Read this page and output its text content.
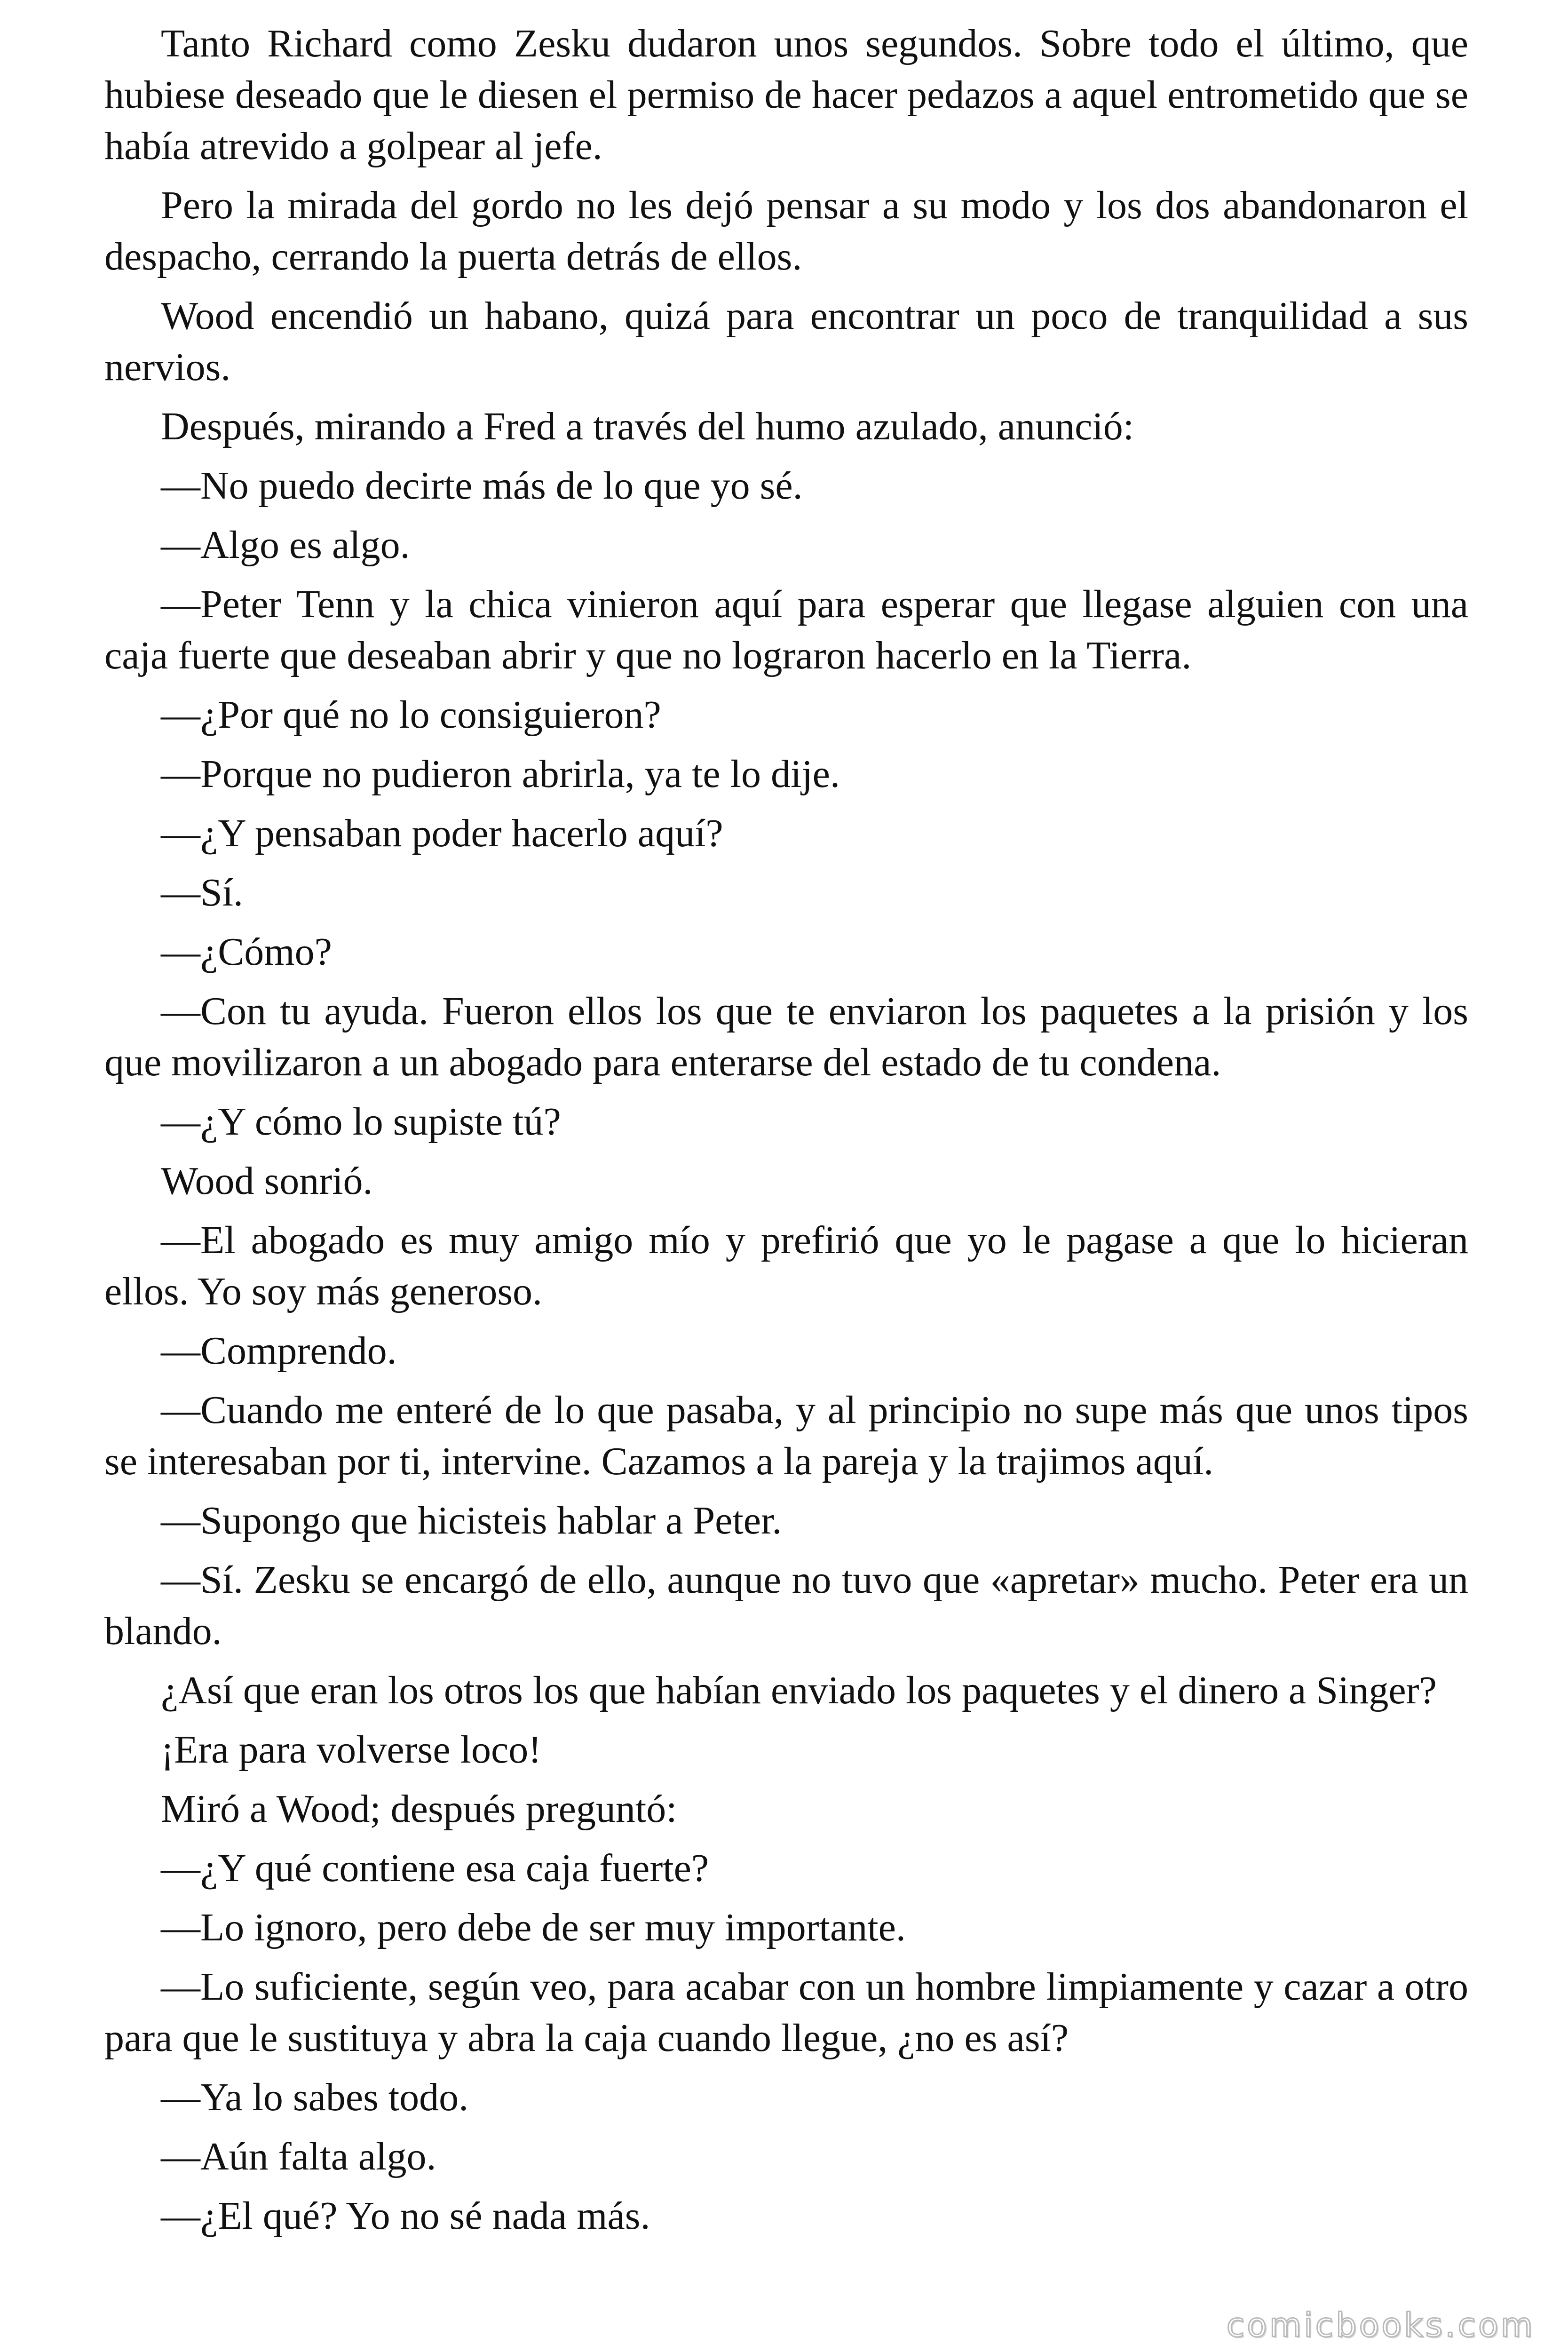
Tanto Richard como Zesku dudaron unos segundos. Sobre todo el último, que hubiese deseado que le diesen el permiso de hacer pedazos a aquel entrometido que se había atrevido a golpear al jefe.

Pero la mirada del gordo no les dejó pensar a su modo y los dos abandonaron el despacho, cerrando la puerta detrás de ellos.

Wood encendió un habano, quizá para encontrar un poco de tranquilidad a sus nervios.

Después, mirando a Fred a través del humo azulado, anunció:

—No puedo decirte más de lo que yo sé.

—Algo es algo.

—Peter Tenn y la chica vinieron aquí para esperar que llegase alguien con una caja fuerte que deseaban abrir y que no lograron hacerlo en la Tierra.

—¿Por qué no lo consiguieron?

—Porque no pudieron abrirla, ya te lo dije.

—¿Y pensaban poder hacerlo aquí?

—Sí.

—¿Cómo?

—Con tu ayuda. Fueron ellos los que te enviaron los paquetes a la prisión y los que movilizaron a un abogado para enterarse del estado de tu condena.

—¿Y cómo lo supiste tú?

Wood sonrió.

—El abogado es muy amigo mío y prefirió que yo le pagase a que lo hicieran ellos. Yo soy más generoso.

—Comprendo.

—Cuando me enteré de lo que pasaba, y al principio no supe más que unos tipos se interesaban por ti, intervine. Cazamos a la pareja y la trajimos aquí.

—Supongo que hicisteis hablar a Peter.

—Sí. Zesku se encargó de ello, aunque no tuvo que «apretar» mucho. Peter era un blando.

¿Así que eran los otros los que habían enviado los paquetes y el dinero a Singer?

¡Era para volverse loco!

Miró a Wood; después preguntó:

—¿Y qué contiene esa caja fuerte?

—Lo ignoro, pero debe de ser muy importante.

—Lo suficiente, según veo, para acabar con un hombre limpiamente y cazar a otro para que le sustituya y abra la caja cuando llegue, ¿no es así?

—Ya lo sabes todo.

—Aún falta algo.

—¿El qué? Yo no sé nada más.

comicbooks.com
